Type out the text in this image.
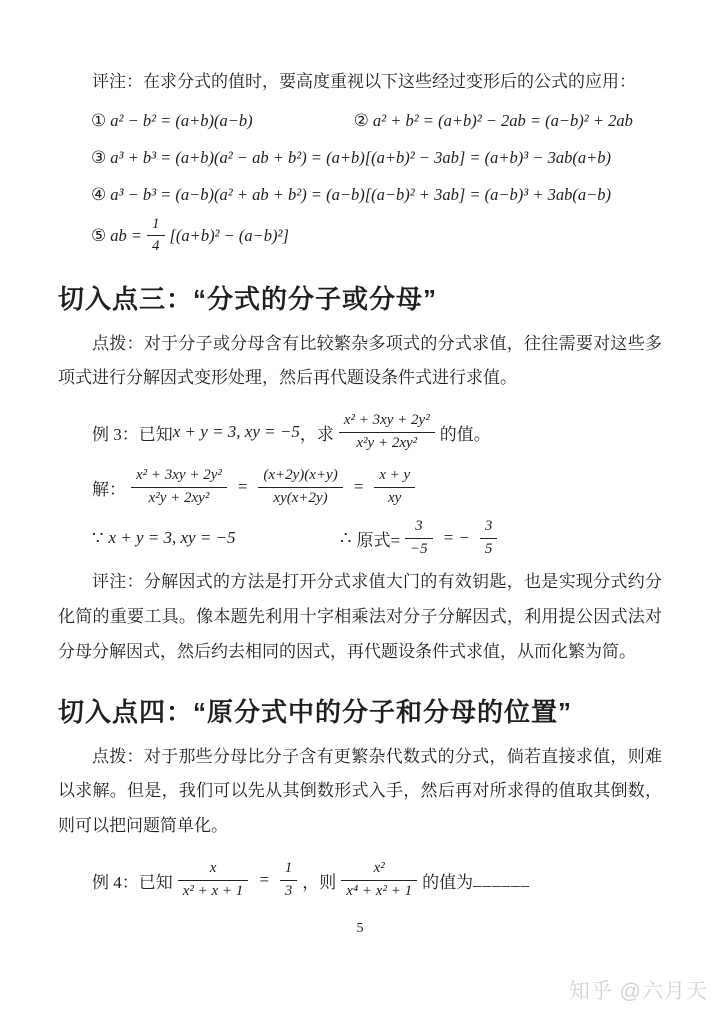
评注：在求分式的值时，要高度重视以下这些经过变形后的公式的应用：

① a² − b² = (a+b)(a−b)	② a² + b² = (a+b)² − 2ab = (a−b)² + 2ab
③ a³ + b³ = (a+b)(a² − ab + b²) = (a+b)[(a+b)² − 3ab] = (a+b)³ − 3ab(a+b)
④ a³ − b³ = (a−b)(a² + ab + b²) = (a−b)[(a−b)² + 3ab] = (a−b)³ + 3ab(a−b)
⑤ ab = $\frac{1}{4} [(a+b)^2 - (a-b)^2]$
切入点三：“分式的分子或分母”

点拨：对于分子或分母含有比较繁杂多项式的分式求值，往往需要对这些多项式进行分解因式变形处理，然后再代题设条件式进行求值。

例 3：已知 x + y = 3, xy = −5 ，求 $\frac{\text{x² + 3xy + 2y²}}{\text{x²y + 2xy²}}$ 的值。
解： $\frac{\text{x² + 3xy + 2y²}}{\text{x²y + 2xy²}} = \frac{(x+2y)(x+y)}{xy(x+2y)} = \frac{x + y}{xy}$
∵ x + y = 3, xy = −5	∴ 原式= $\frac{3}{-5}$ = − $\frac{3}{5}$

评注：分解因式的方法是打开分式求值大门的有效钥匙，也是实现分式约分化简的重要工具。像本题先利用十字相乘法对分子分解因式，利用提公因式法对分母分解因式，然后约去相同的因式，再代题设条件式求值，从而化繁为简。

切入点四：“原分式中的分子和分母的位置”

点拨：对于那些分母比分子含有更繁杂代数式的分式，倘若直接求值，则难以求解。但是，我们可以先从其倒数形式入手，然后再对所求得的值取其倒数，则可以把问题简单化。

例 4：已知 $\frac{x}{\text{x² + x + 1}} = \frac{1}{3}$ ，则 $\frac{\text{x²}}{\text{x⁴ + x² + 1}}$ 的值为 ______
5
知乎 @六月天
